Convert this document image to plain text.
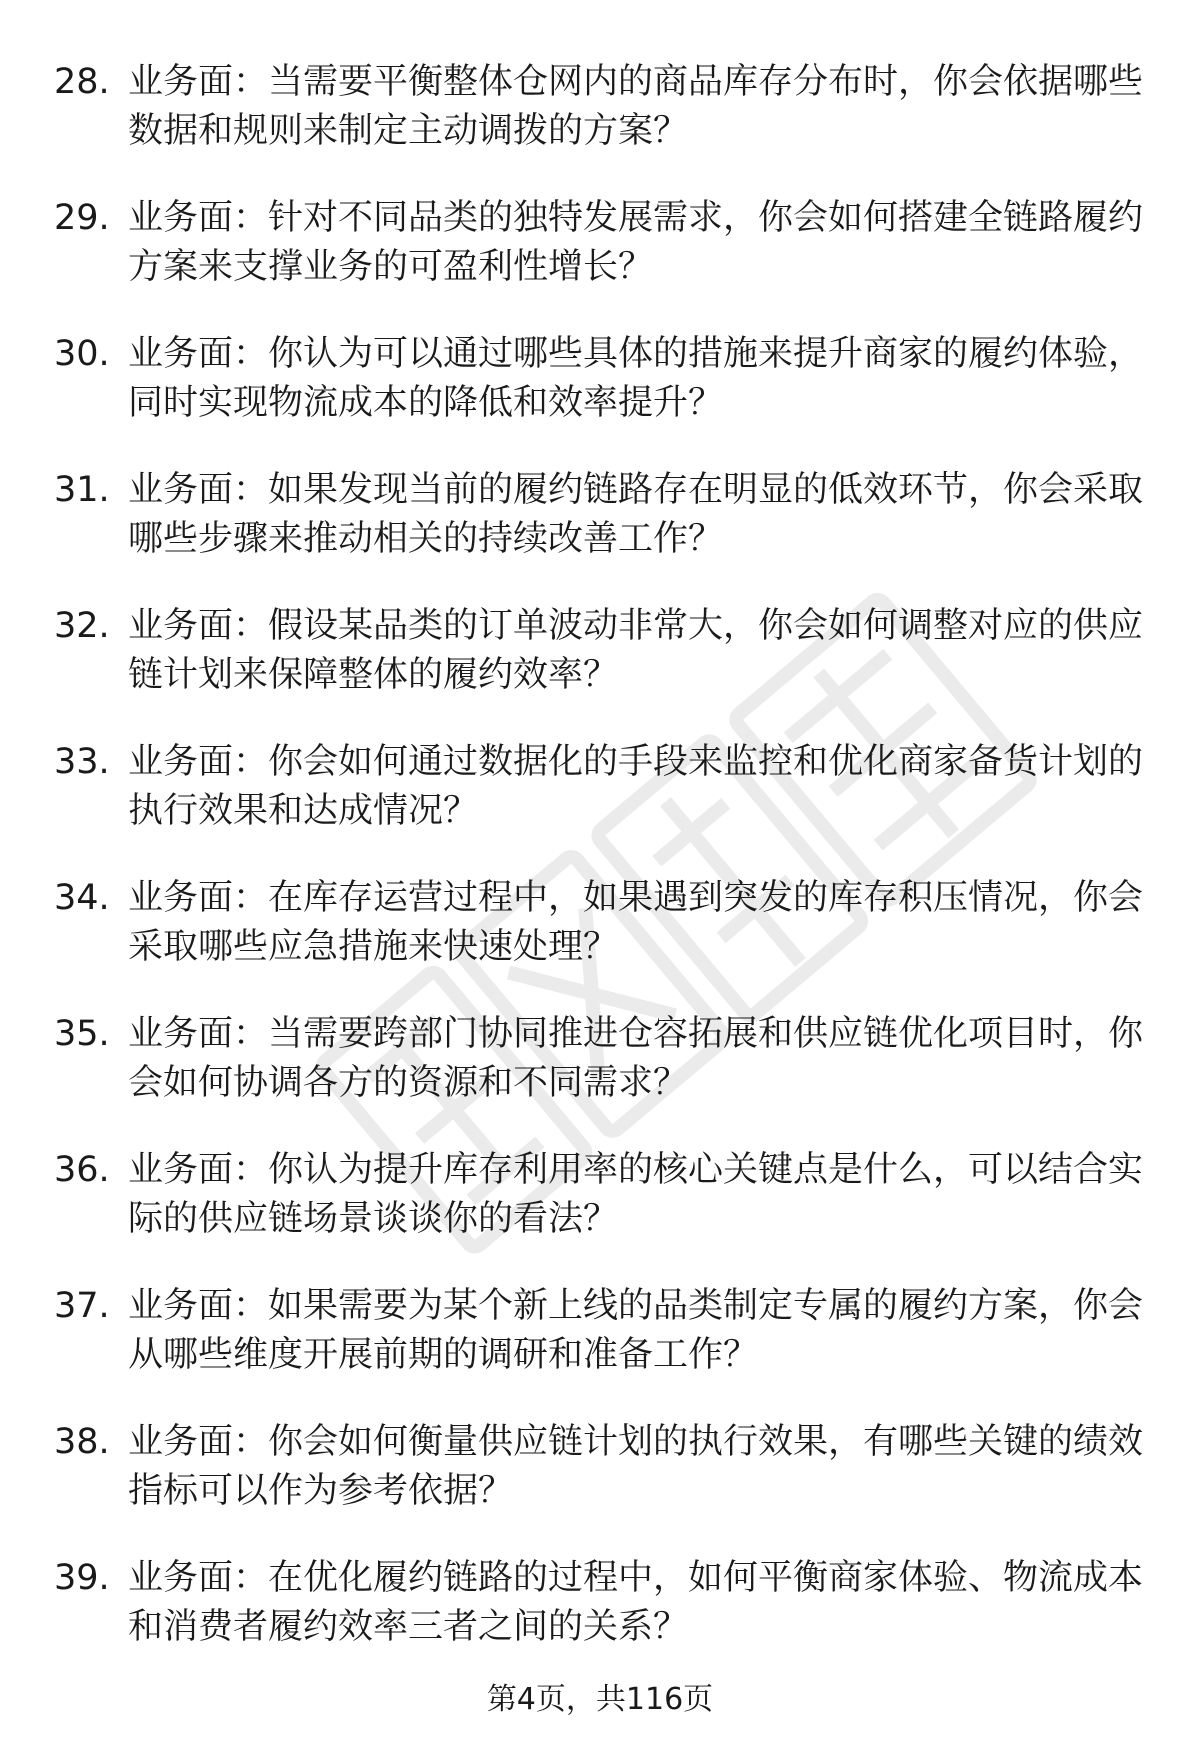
28. 业务面：当需要平衡整体仓网内的商品库存分布时，你会依据哪些数据和规则来制定主动调拨的方案？
29. 业务面：针对不同品类的独特发展需求，你会如何搭建全链路履约方案来支撑业务的可盈利性增长？
30. 业务面：你认为可以通过哪些具体的措施来提升商家的履约体验，同时实现物流成本的降低和效率提升？
31. 业务面：如果发现当前的履约链路存在明显的低效环节，你会采取哪些步骤来推动相关的持续改善工作？
32. 业务面：假设某品类的订单波动非常大，你会如何调整对应的供应链计划来保障整体的履约效率？
33. 业务面：你会如何通过数据化的手段来监控和优化商家备货计划的执行效果和达成情况？
34. 业务面：在库存运营过程中，如果遇到突发的库存积压情况，你会采取哪些应急措施来快速处理？
35. 业务面：当需要跨部门协同推进仓容拓展和供应链优化项目时，你会如何协调各方的资源和不同需求？
36. 业务面：你认为提升库存利用率的核心关键点是什么，可以结合实际的供应链场景谈谈你的看法？
37. 业务面：如果需要为某个新上线的品类制定专属的履约方案，你会从哪些维度开展前期的调研和准备工作？
38. 业务面：你会如何衡量供应链计划的执行效果，有哪些关键的绩效指标可以作为参考依据？
39. 业务面：在优化履约链路的过程中，如何平衡商家体验、物流成本和消费者履约效率三者之间的关系？
第4页，共116页
